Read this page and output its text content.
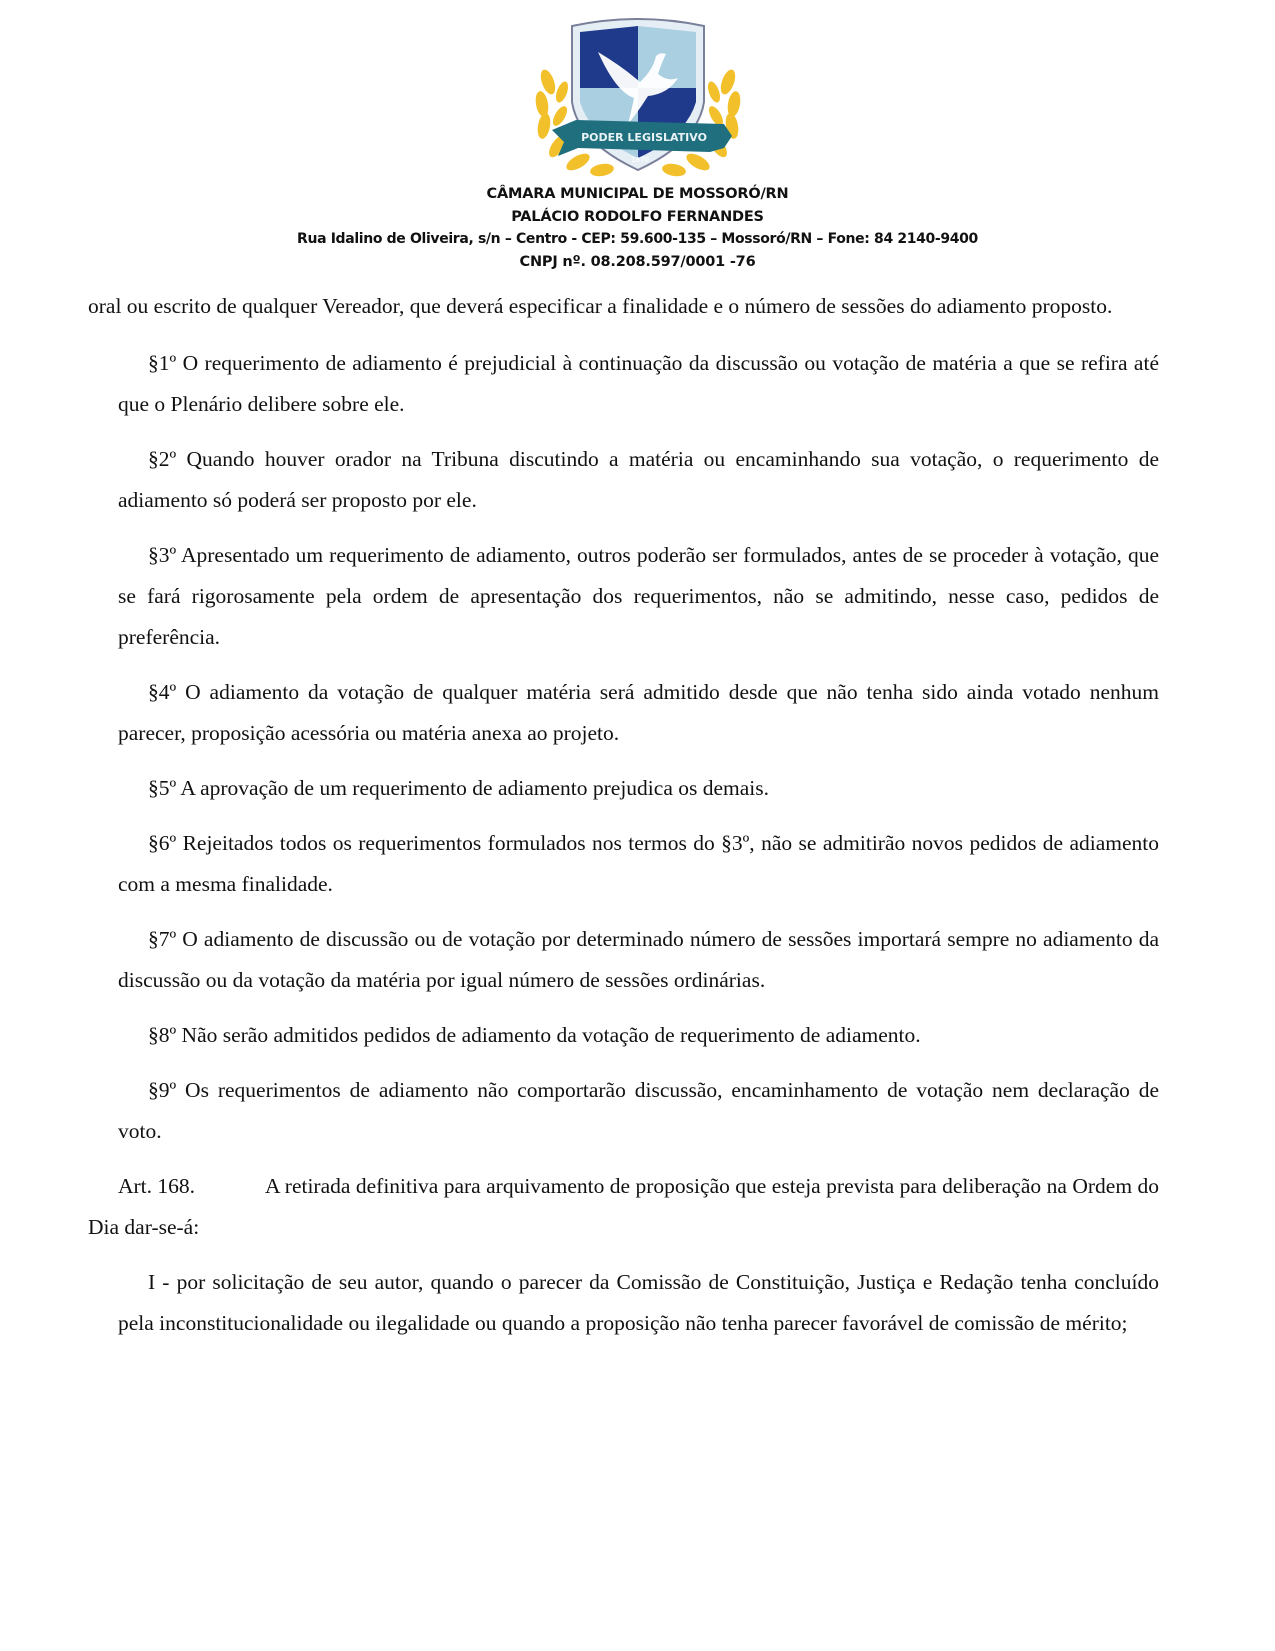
PODER LEGISLATIVO
1870
CÂMARA MUNICIPAL DE MOSSORÓ/RN
PALÁCIO RODOLFO FERNANDES
Rua Idalino de Oliveira, s/n – Centro - CEP: 59.600-135 – Mossoró/RN – Fone: 84 2140-9400
CNPJ nº. 08.208.597/0001 -76

oral ou escrito de qualquer Vereador, que deverá especificar a finalidade e o número de sessões do adiamento proposto.

§1º O requerimento de adiamento é prejudicial à continuação da discussão ou votação de matéria a que se refira até que o Plenário delibere sobre ele.

§2º Quando houver orador na Tribuna discutindo a matéria ou encaminhando sua votação, o requerimento de adiamento só poderá ser proposto por ele.

§3º Apresentado um requerimento de adiamento, outros poderão ser formulados, antes de se proceder à votação, que se fará rigorosamente pela ordem de apresentação dos requerimentos, não se admitindo, nesse caso, pedidos de preferência.

§4º O adiamento da votação de qualquer matéria será admitido desde que não tenha sido ainda votado nenhum parecer, proposição acessória ou matéria anexa ao projeto.

§5º A aprovação de um requerimento de adiamento prejudica os demais.

§6º Rejeitados todos os requerimentos formulados nos termos do §3º, não se admitirão novos pedidos de adiamento com a mesma finalidade.

§7º O adiamento de discussão ou de votação por determinado número de sessões importará sempre no adiamento da discussão ou da votação da matéria por igual número de sessões ordinárias.

§8º Não serão admitidos pedidos de adiamento da votação de requerimento de adiamento.

§9º Os requerimentos de adiamento não comportarão discussão, encaminhamento de votação nem declaração de voto.

Art. 168.	A retirada definitiva para arquivamento de proposição que esteja prevista para deliberação na Ordem do Dia dar-se-á:

I - por solicitação de seu autor, quando o parecer da Comissão de Constituição, Justiça e Redação tenha concluído pela inconstitucionalidade ou ilegalidade ou quando a proposição não tenha parecer favorável de comissão de mérito;
